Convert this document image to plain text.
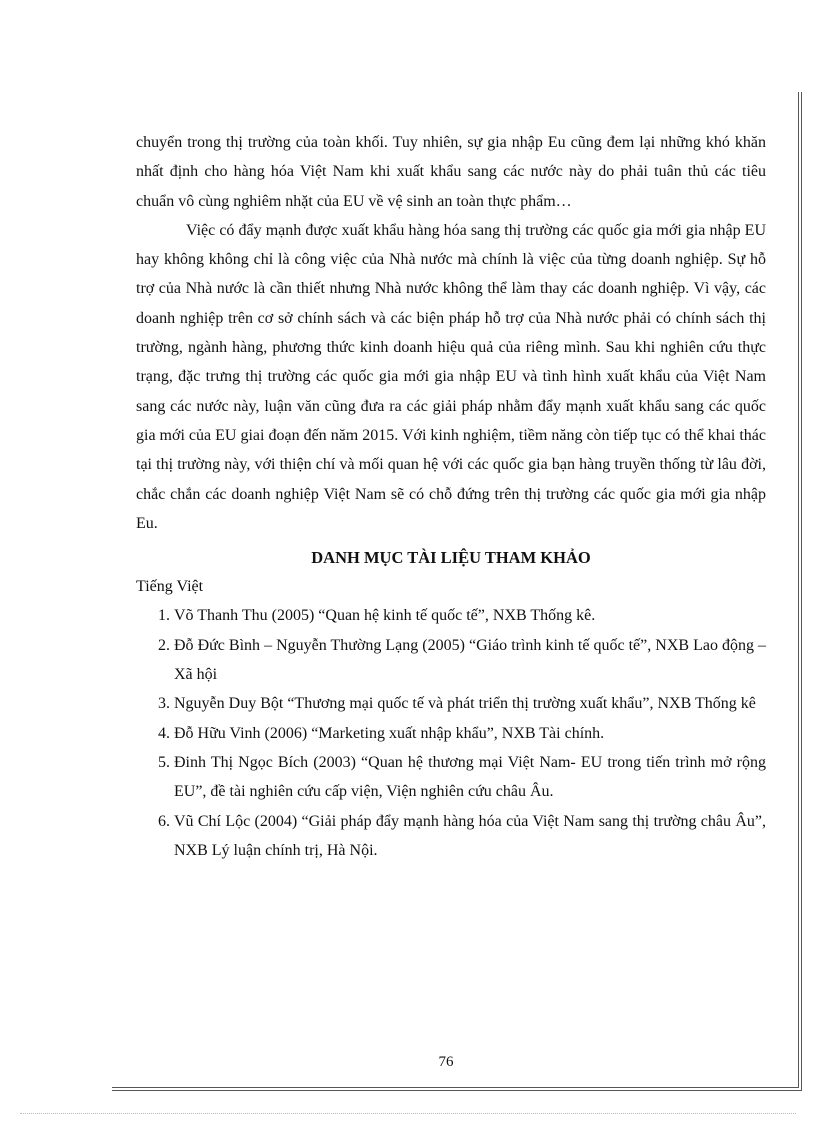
chuyển trong thị trường của toàn khối. Tuy nhiên, sự gia nhập Eu cũng đem lại những khó khăn nhất định cho hàng hóa Việt Nam khi xuất khẩu sang các nước này do phải tuân thủ các tiêu chuẩn vô cùng nghiêm nhặt của EU về vệ sinh an toàn thực phẩm…

Việc có đẩy mạnh được xuất khẩu hàng hóa sang thị trường các quốc gia mới gia nhập EU hay không không chỉ là công việc của Nhà nước mà chính là việc của từng doanh nghiệp. Sự hỗ trợ của Nhà nước là cần thiết nhưng Nhà nước không thể làm thay các doanh nghiệp. Vì vậy, các doanh nghiệp trên cơ sở chính sách và các biện pháp hỗ trợ của Nhà nước phải có chính sách thị trường, ngành hàng, phương thức kinh doanh hiệu quả của riêng mình. Sau khi nghiên cứu thực trạng, đặc trưng thị trường các quốc gia mới gia nhập EU và tình hình xuất khẩu của Việt Nam sang các nước này, luận văn cũng đưa ra các giải pháp nhằm đẩy mạnh xuất khẩu sang các quốc gia mới của EU giai đoạn đến năm 2015. Với kinh nghiệm, tiềm năng còn tiếp tục có thể khai thác tại thị trường này, với thiện chí và mối quan hệ với các quốc gia bạn hàng truyền thống từ lâu đời, chắc chắn các doanh nghiệp Việt Nam sẽ có chỗ đứng trên thị trường các quốc gia mới gia nhập Eu.

DANH MỤC TÀI LIỆU THAM KHẢO

Tiếng Việt

1. Võ Thanh Thu (2005) “Quan hệ kinh tế quốc tế”, NXB Thống kê.
2. Đỗ Đức Bình – Nguyễn Thường Lạng (2005) “Giáo trình kinh tế quốc tế”, NXB Lao động – Xã hội
3. Nguyễn Duy Bột “Thương mại quốc tế và phát triển thị trường xuất khẩu”, NXB Thống kê
4. Đỗ Hữu Vinh (2006) “Marketing xuất nhập khẩu”, NXB Tài chính.
5. Đinh Thị Ngọc Bích (2003) “Quan hệ thương mại Việt Nam- EU trong tiến trình mở rộng EU”, đề tài nghiên cứu cấp viện, Viện nghiên cứu châu Âu.
6. Vũ Chí Lộc (2004) “Giải pháp đẩy mạnh hàng hóa của Việt Nam sang thị trường châu Âu”, NXB Lý luận chính trị, Hà Nội.
76
